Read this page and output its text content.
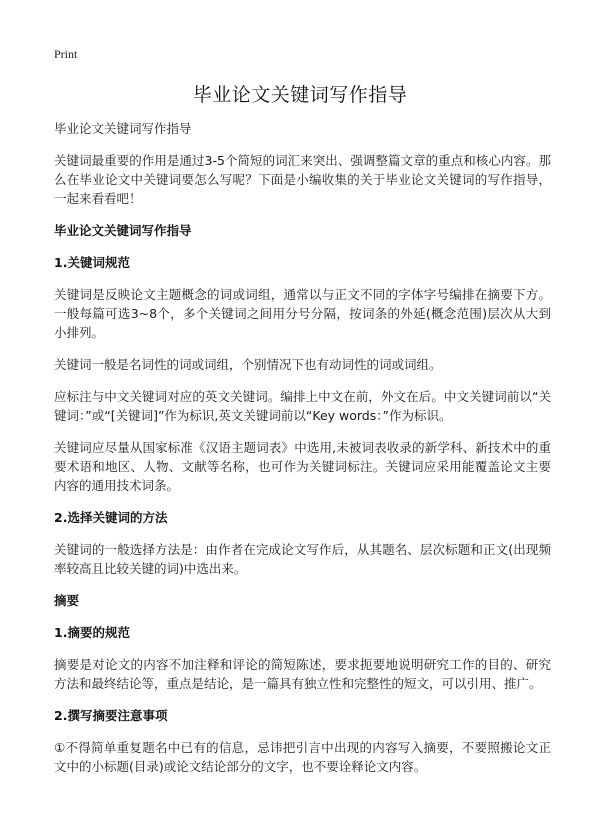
Print
毕业论文关键词写作指导
毕业论文关键词写作指导
关键词最重要的作用是通过3-5个简短的词汇来突出、强调整篇文章的重点和核心内容。那么在毕业论文中关键词要怎么写呢？下面是小编收集的关于毕业论文关键词的写作指导，一起来看看吧！
毕业论文关键词写作指导
1.关键词规范
关键词是反映论文主题概念的词或词组，通常以与正文不同的字体字号编排在摘要下方。一般每篇可选3~8个，多个关键词之间用分号分隔，按词条的外延(概念范围)层次从大到小排列。
关键词一般是名词性的词或词组，个别情况下也有动词性的词或词组。
应标注与中文关键词对应的英文关键词。编排上中文在前，外文在后。中文关键词前以“关键词：”或“[关键词]”作为标识,英文关键词前以“Key words：”作为标识。
关键词应尽量从国家标准《汉语主题词表》中选用,未被词表收录的新学科、新技术中的重要术语和地区、人物、文献等名称，也可作为关键词标注。关键词应采用能覆盖论文主要内容的通用技术词条。
2.选择关键词的方法
关键词的一般选择方法是：由作者在完成论文写作后，从其题名、层次标题和正文(出现频率较高且比较关键的词)中选出来。
摘要
1.摘要的规范
摘要是对论文的内容不加注释和评论的简短陈述，要求扼要地说明研究工作的目的、研究方法和最终结论等，重点是结论，是一篇具有独立性和完整性的短文，可以引用、推广。
2.撰写摘要注意事项
①不得简单重复题名中已有的信息，忌讳把引言中出现的内容写入摘要，不要照搬论文正文中的小标题(目录)或论文结论部分的文字，也不要诠释论文内容。
